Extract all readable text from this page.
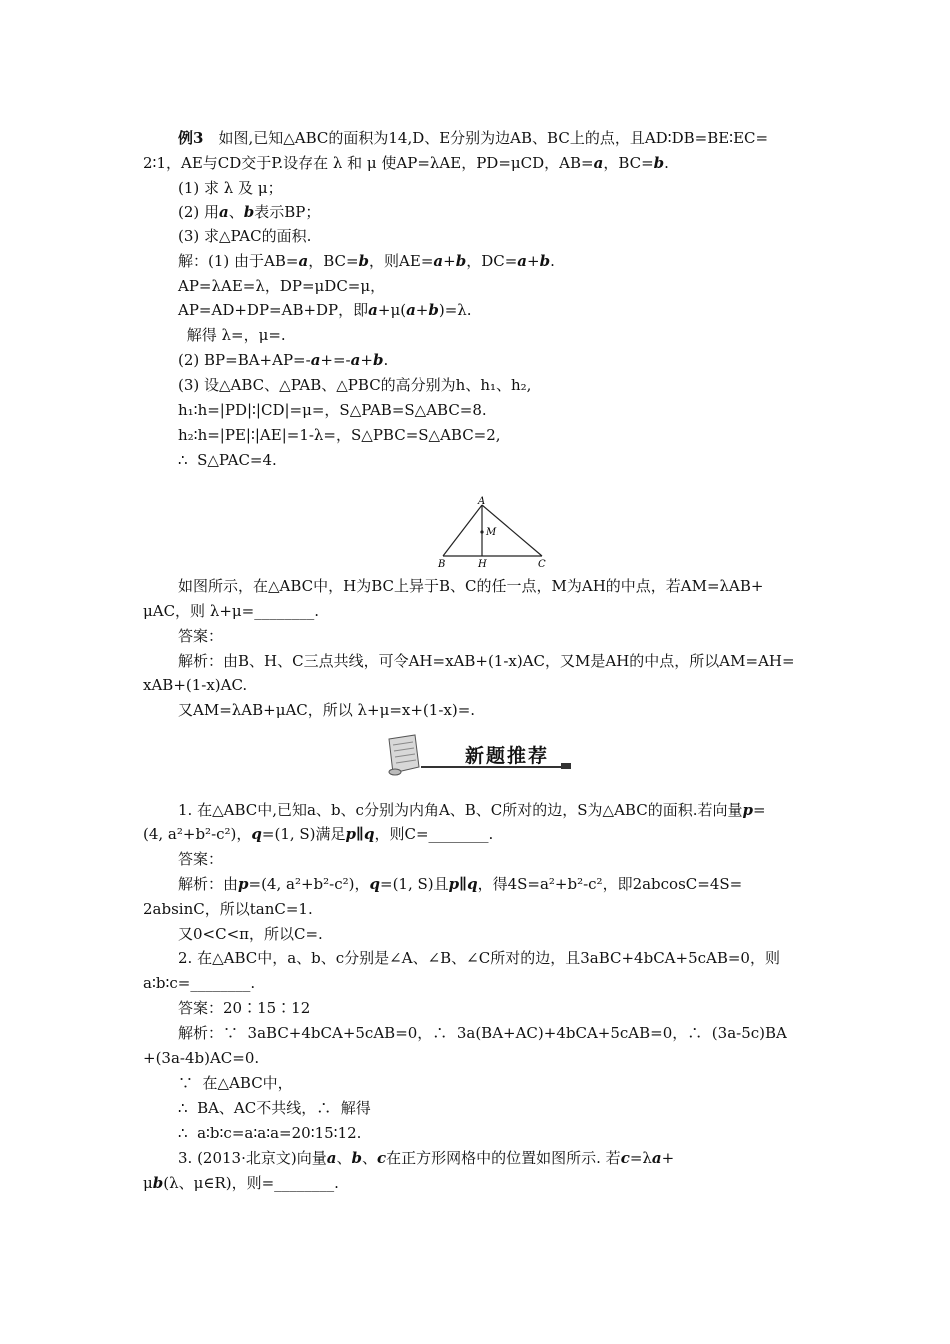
例3　如图,已知△ABC的面积为14,D、E分别为边AB、BC上的点，且AD∶DB=BE∶EC=
2∶1，AE与CD交于P.设存在 λ 和 μ 使AP=λAE，PD=μCD，AB=a，BC=b.
(1) 求 λ 及 μ；
(2) 用a、b表示BP；
(3) 求△PAC的面积.
解：(1) 由于AB=a，BC=b，则AE=a+b，DC=a+b.
AP=λAE=λ，DP=μDC=μ，
AP=AD+DP=AB+DP，即a+μ(a+b)=λ.
解得 λ=，μ=.
(2) BP=BA+AP=-a+=-a+b.
(3) 设△ABC、△PAB、△PBC的高分别为h、h₁、h₂,
h₁∶h=|PD|∶|CD|=μ=，S△PAB=S△ABC=8.
h₂∶h=|PE|∶|AE|=1-λ=，S△PBC=S△ABC=2,
∴  S△PAC=4.
A
M
B	H	C
如图所示，在△ABC中，H为BC上异于B、C的任一点，M为AH的中点，若AM=λAB+
μAC，则 λ+μ=________.
答案：
解析：由B、H、C三点共线，可令AH=xAB+(1-x)AC，又M是AH的中点，所以AM=AH=
xAB+(1-x)AC.
又AM=λAB+μAC，所以 λ+μ=x+(1-x)=.
新题推荐
1. 在△ABC中,已知a、b、c分别为内角A、B、C所对的边，S为△ABC的面积.若向量p=
(4, a²+b²-c²)，q=(1, S)满足p∥q，则C=________.
答案：
解析：由p=(4, a²+b²-c²)，q=(1, S)且p∥q，得4S=a²+b²-c²，即2abcosC=4S=
2absinC，所以tanC=1.
又0<C<π，所以C=.
2. 在△ABC中，a、b、c分别是∠A、∠B、∠C所对的边，且3aBC+4bCA+5cAB=0，则
a∶b∶c=________.
答案：20∶15∶12
解析：∵  3aBC+4bCA+5cAB=0，∴  3a(BA+AC)+4bCA+5cAB=0，∴  (3a-5c)BA
+(3a-4b)AC=0.
∵  在△ABC中，
∴  BA、AC不共线，∴  解得
∴  a∶b∶c=a∶a∶a=20∶15∶12.
3. (2013·北京文)向量a、b、c在正方形网格中的位置如图所示. 若c=λa+
μb(λ、μ∈R)，则=________.
